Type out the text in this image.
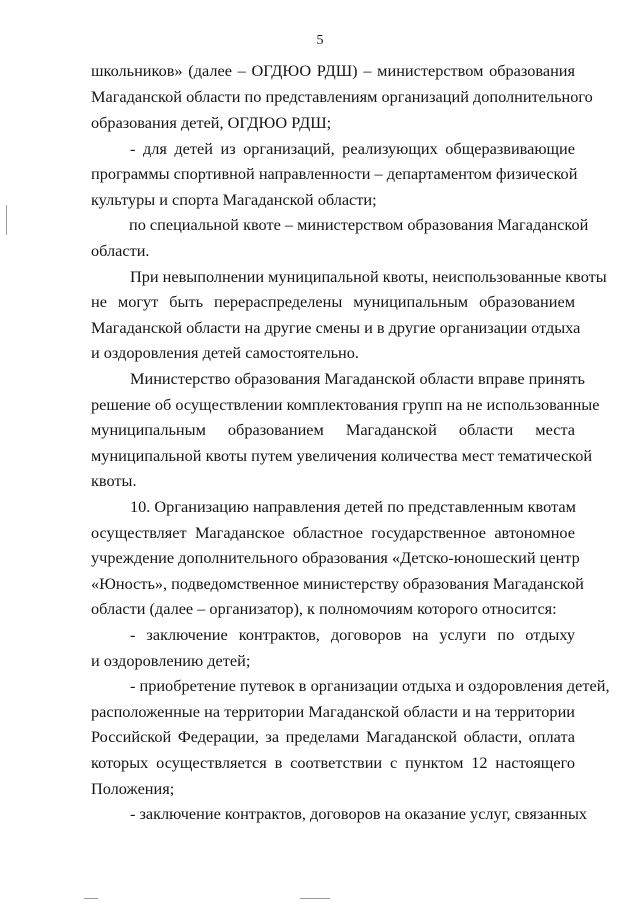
5
школьников» (далее – ОГДЮО РДШ) – министерством образования
Магаданской области по представлениям организаций дополнительного
образования детей, ОГДЮО РДШ;
- для детей из организаций, реализующих общеразвивающие
программы спортивной направленности – департаментом физической
культуры и спорта Магаданской области;
по специальной квоте – министерством образования Магаданской
области.
При невыполнении муниципальной квоты, неиспользованные квоты
не могут быть перераспределены муниципальным образованием
Магаданской области на другие смены и в другие организации отдыха
и оздоровления детей самостоятельно.
Министерство образования Магаданской области вправе принять
решение об осуществлении комплектования групп на не использованные
муниципальным образованием Магаданской области места
муниципальной квоты путем увеличения количества мест тематической
квоты.
10. Организацию направления детей по представленным квотам
осуществляет Магаданское областное государственное автономное
учреждение дополнительного образования «Детско-юношеский центр
«Юность», подведомственное министерству образования Магаданской
области (далее – организатор), к полномочиям которого относится:
- заключение контрактов, договоров на услуги по отдыху
и оздоровлению детей;
- приобретение путевок в организации отдыха и оздоровления детей,
расположенные на территории Магаданской области и на территории
Российской Федерации, за пределами Магаданской области, оплата
которых осуществляется в соответствии с пунктом 12 настоящего
Положения;
- заключение контрактов, договоров на оказание услуг, связанных
